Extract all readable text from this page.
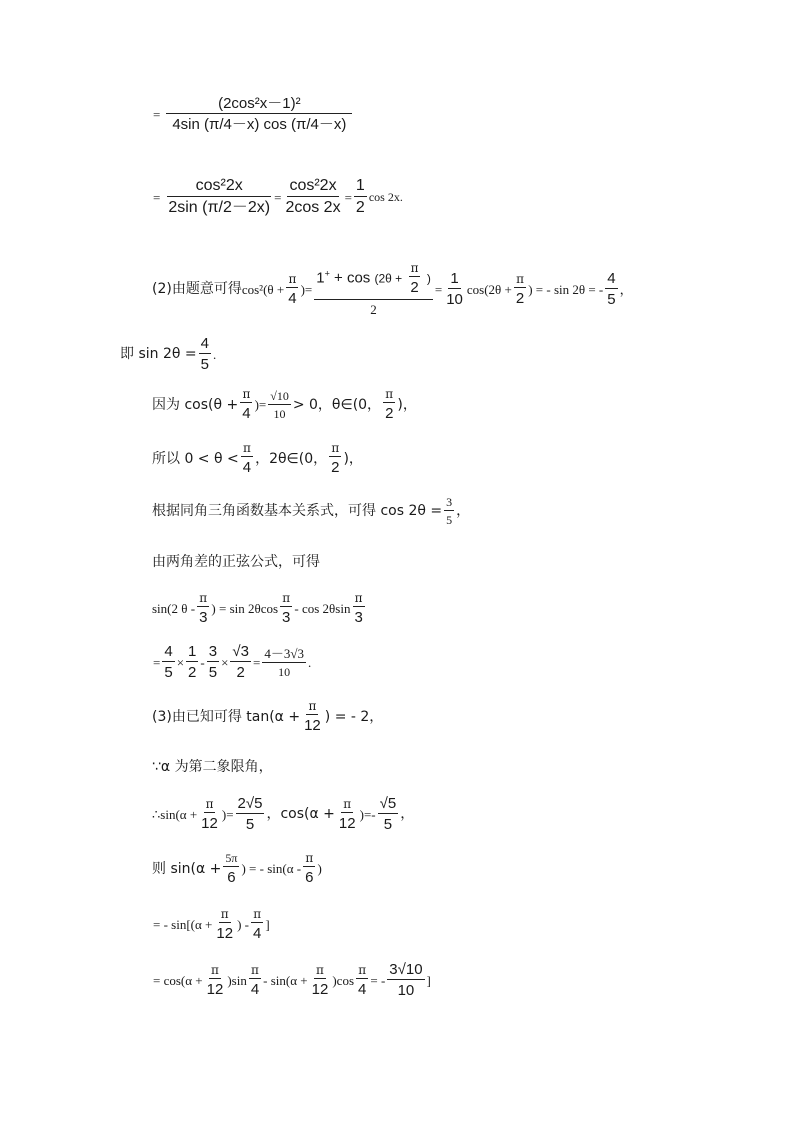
= $\frac{\text{(2cos²x－1)²}}{4\sin (\pi/4-x) \cos (\pi/4-x)}$
= $\frac{\text{cos²2x}}{2\sin (\pi/2-2x)} = \frac{\text{cos²2x}}{2\cos 2x} = \frac{1}{2}$ cos 2x.
(2)由题意可得 $\cos^2(\theta + \frac{\pi}{4}$ ) =
$1^+ + \cos (2\theta + \frac{\pi}{2}$ )
2
= $\frac{1}{10} \cos(2\theta + \frac{\pi}{2}$ ) = - sin 2θ = - $\frac{4}{5}$ ，
即 $\sin 2\theta = \frac{4}{5}$ .
因为 $\cos(\theta + \frac{\pi}{4}$ ) = $\frac{√10}{10} > 0$，θ∈(0， $\frac{\pi}{2}$ )，
所以 $0 < \theta < \frac{\pi}{4}$ ，2θ∈(0， $\frac{\pi}{2}$ )，
根据同角三角函数基本关系式，可得 $\cos 2\theta = \frac{3}{5}$ ，
由两角差的正弦公式，可得
sin(2 θ - $\frac{\pi}{3}$ ) = $\sin 2\theta\cos \frac{\pi}{3}$ - $\cos 2\theta\sin \frac{\pi}{3}$
= $\frac{4}{5} \times \frac{1}{2} - \frac{3}{5} \times \frac{√3}{2} = \frac{4-3√3}{10}$ .
(3)由已知可得 $\tan(\alpha + \frac{\pi}{12}$ ) = - 2，
∵α 为第二象限角，
∴sin(α + $\frac{\pi}{12}$ ) = $\frac{2√5}{5}$ ，$\cos(\alpha + \frac{\pi}{12}$ ) = - $\frac{√5}{5}$ ，
则 $\sin(\alpha + \frac{5\pi}{6}$ ) = - $\sin(\alpha - \frac{\pi}{6}$ )
= - $\sin[(\alpha + \frac{\pi}{12}$ ) - $\frac{\pi}{4}$ ]
= $\cos(\alpha + \frac{\pi}{12} )\sin \frac{\pi}{4} - \sin(\alpha + \frac{\pi}{12} )\cos \frac{\pi}{4}$ = - $\frac{3√10}{10}$ ]
